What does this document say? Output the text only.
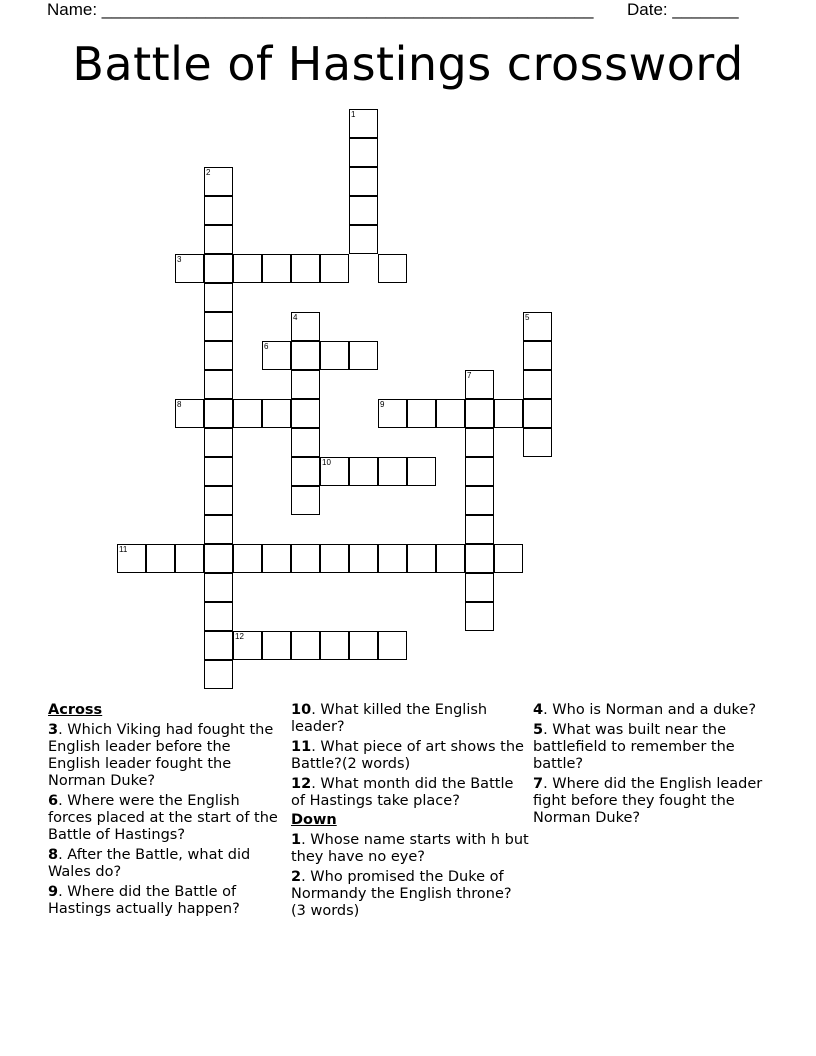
Name: ____________________________________________________ Date: _______
Battle of Hastings crossword
1
2
3
4	5
6
7
8	9
10
11
12
Across
3. Which Viking had fought the English leader before the English leader fought the Norman Duke?
6. Where were the English forces placed at the start of the Battle of Hastings?
8. After the Battle, what did Wales do?
9. Where did the Battle of Hastings actually happen?
10. What killed the English leader?
11. What piece of art shows the Battle?(2 words)
12. What month did the Battle of Hastings take place?
Down
1. Whose name starts with h but they have no eye?
2. Who promised the Duke of Normandy the English throne? (3 words)
4. Who is Norman and a duke?
5. What was built near the battlefield to remember the battle?
7. Where did the English leader fight before they fought the Norman Duke?
